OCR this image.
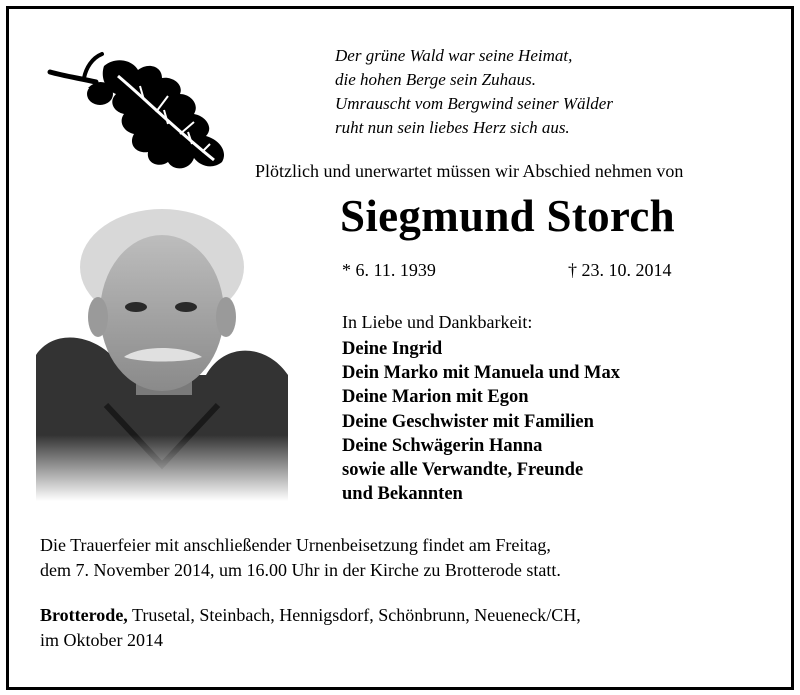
Der grüne Wald war seine Heimat,
die hohen Berge sein Zuhaus.
Umrauscht vom Bergwind seiner Wälder
ruht nun sein liebes Herz sich aus.
Plötzlich und unerwartet müssen wir Abschied nehmen von
Siegmund Storch
* 6. 11. 1939	† 23. 10. 2014
In Liebe und Dankbarkeit:
Deine Ingrid
Dein Marko mit Manuela und Max
Deine Marion mit Egon
Deine Geschwister mit Familien
Deine Schwägerin Hanna
sowie alle Verwandte, Freunde
und Bekannten
Die Trauerfeier mit anschließender Urnenbeisetzung findet am Freitag,
dem 7. November 2014, um 16.00 Uhr in der Kirche zu Brotterode statt.
Brotterode, Trusetal, Steinbach, Hennigsdorf, Schönbrunn, Neueneck/CH,
im Oktober 2014
